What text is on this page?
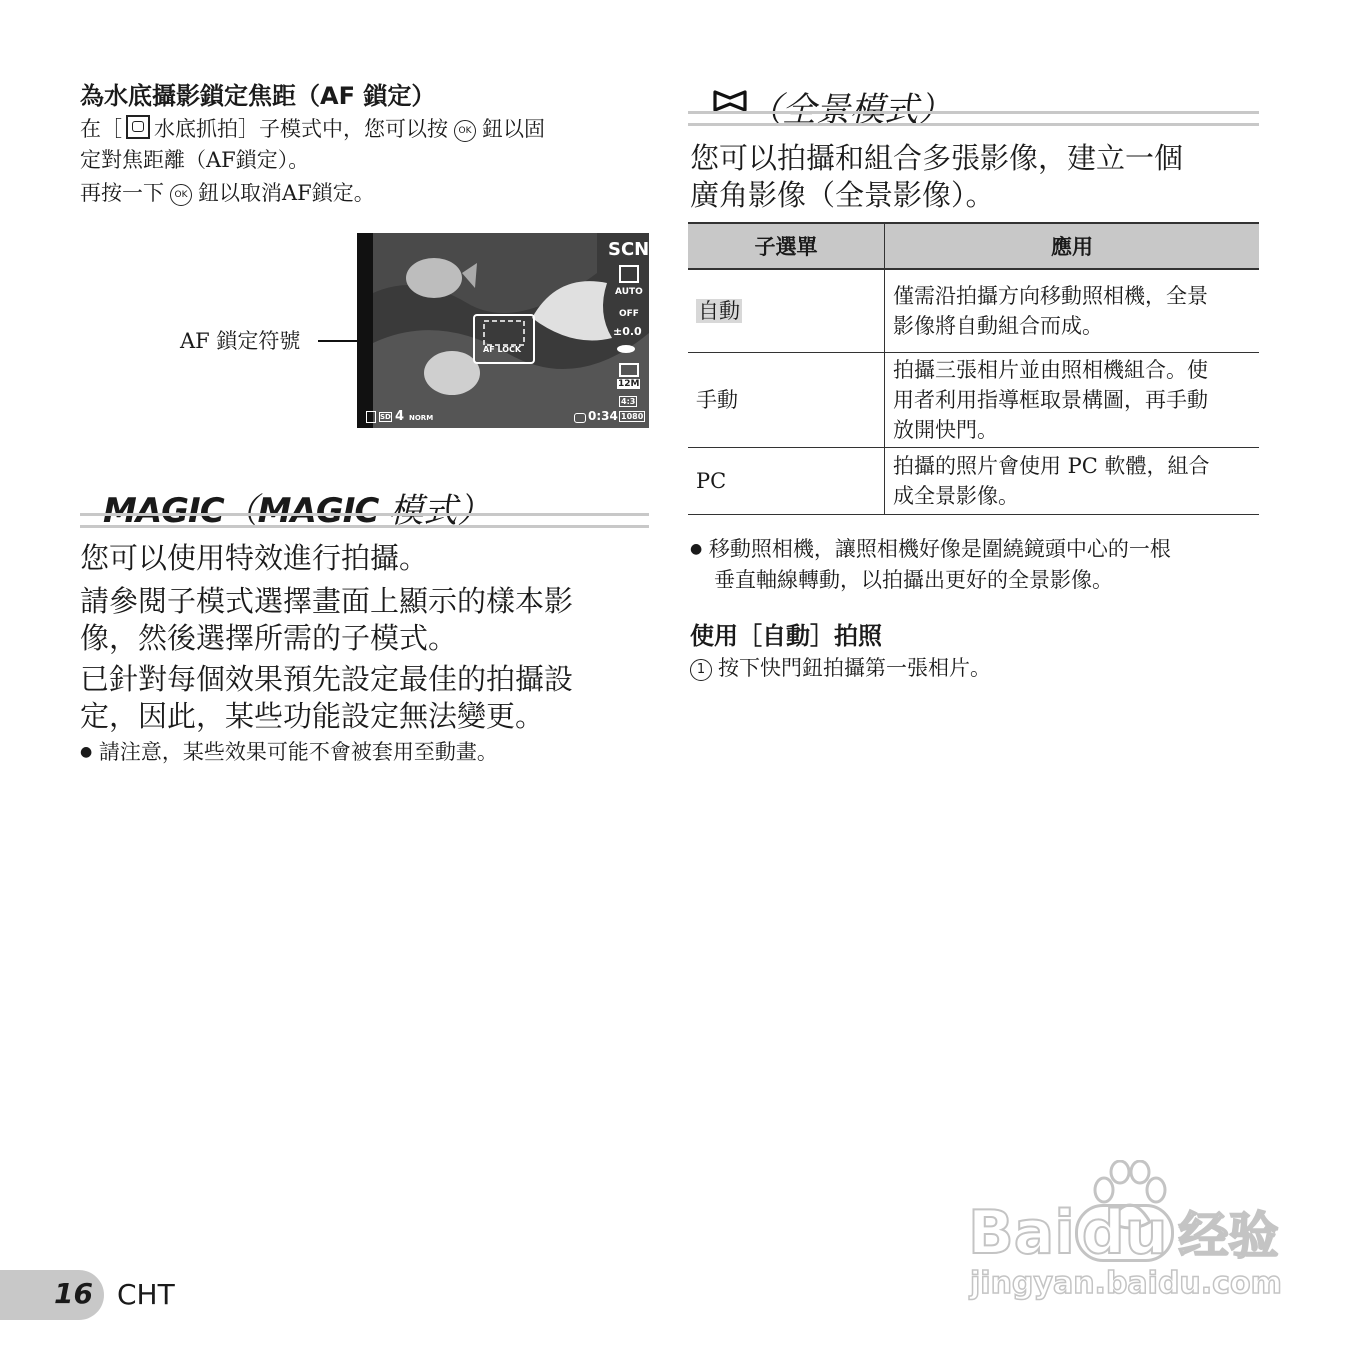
為水底攝影鎖定焦距（AF 鎖定）
在［ 水底抓拍］子模式中，您可以按 OK 鈕以固
定對焦距離（AF鎖定）。
再按一下 OK 鈕以取消AF鎖定。
AF 鎖定符號
SCN
AUTO
OFF
±0.0
12M
4:3
AF LOCK
SD 4 NORM	0:34 1080
MAGIC（MAGIC 模式）
您可以使用特效進行拍攝。
請參閱子模式選擇畫面上顯示的樣本影
像，然後選擇所需的子模式。
已針對每個效果預先設定最佳的拍攝設
定，因此，某些功能設定無法變更。
● 請注意，某些效果可能不會被套用至動畫。
（全景模式）
您可以拍攝和組合多張影像，建立一個
廣角影像（全景影像）。
子選單	應用
自動	僅需沿拍攝方向移動照相機，全景
影像將自動組合而成。
手動	拍攝三張相片並由照相機組合。使
用者利用指導框取景構圖，再手動
放開快門。
PC	拍攝的照片會使用 PC 軟體，組合
成全景影像。
● 移動照相機，讓照相機好像是圍繞鏡頭中心的一根
垂直軸線轉動，以拍攝出更好的全景影像。
使用［自動］拍照
1 按下快門鈕拍攝第一張相片。
16 CHT
Bai du 经验
jingyan.baidu.com
